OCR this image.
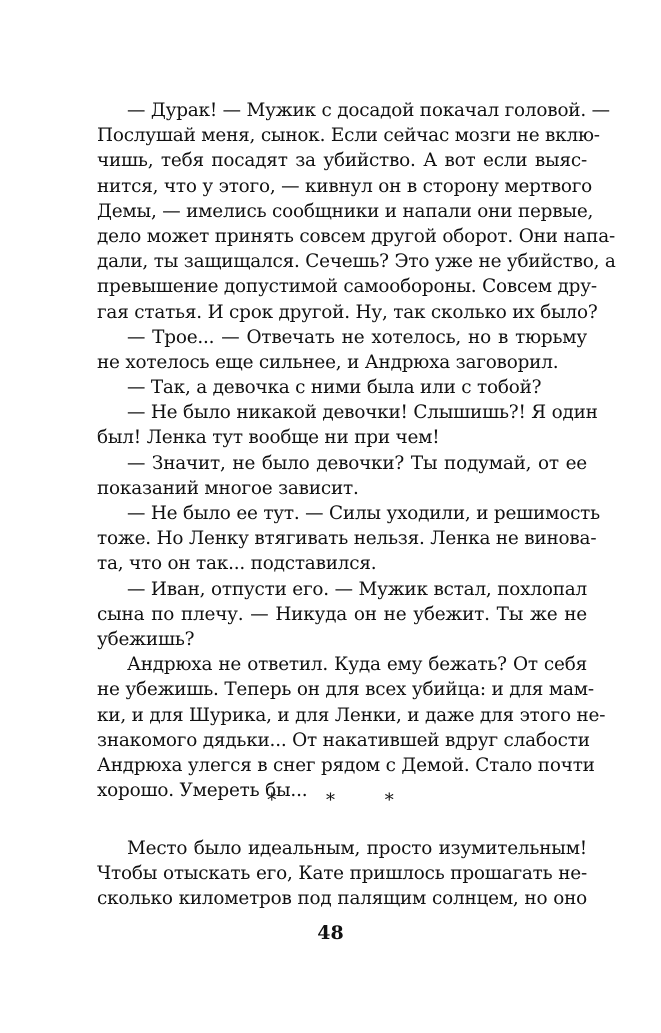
— Дурак! — Мужик с досадой покачал головой. —
Послушай меня, сынок. Если сейчас мозги не вклю-
чишь, тебя посадят за убийство. А вот если выяс-
нится, что у этого, — кивнул он в сторону мертвого
Демы, — имелись сообщники и напали они первые,
дело может принять совсем другой оборот. Они напа-
дали, ты защищался. Сечешь? Это уже не убийство, а
превышение допустимой самообороны. Совсем дру-
гая статья. И срок другой. Ну, так сколько их было?
— Трое... — Отвечать не хотелось, но в тюрьму
не хотелось еще сильнее, и Андрюха заговорил.
— Так, а девочка с ними была или с тобой?
— Не было никакой девочки! Слышишь?! Я один
был! Ленка тут вообще ни при чем!
— Значит, не было девочки? Ты подумай, от ее
показаний многое зависит.
— Не было ее тут. — Силы уходили, и решимость
тоже. Но Ленку втягивать нельзя. Ленка не винова-
та, что он так... подставился.
— Иван, отпусти его. — Мужик встал, похлопал
сына по плечу. — Никуда он не убежит. Ты же не
убежишь?
Андрюха не ответил. Куда ему бежать? От себя
не убежишь. Теперь он для всех убийца: и для мам-
ки, и для Шурика, и для Ленки, и даже для этого не-
знакомого дядьки... От накатившей вдруг слабости
Андрюха улегся в снег рядом с Демой. Стало почти
хорошо. Умереть бы...
* * *
Место было идеальным, просто изумительным!
Чтобы отыскать его, Кате пришлось прошагать не-
сколько километров под палящим солнцем, но оно
48
